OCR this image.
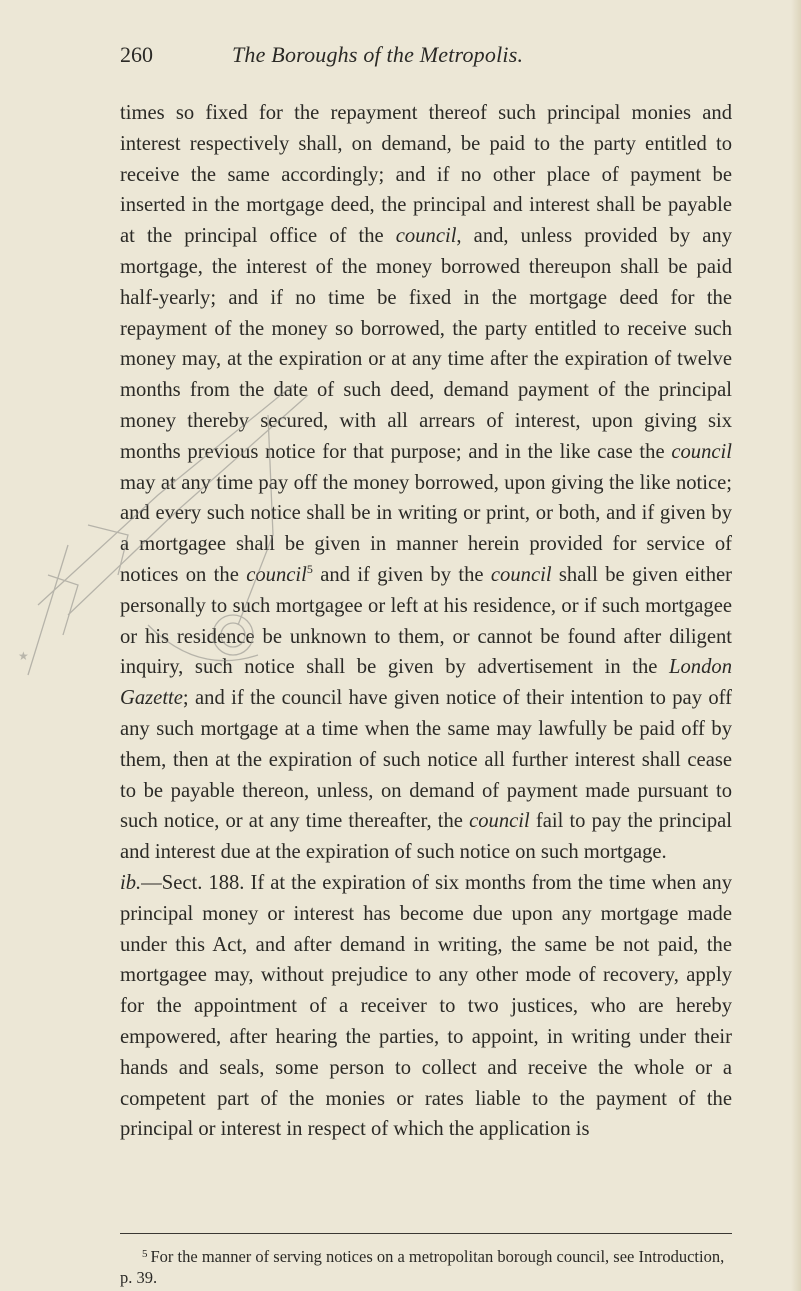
260	The Boroughs of the Metropolis.

times so fixed for the repayment thereof such principal monies and interest respectively shall, on demand, be paid to the party entitled to receive the same accordingly; and if no other place of payment be inserted in the mortgage deed, the principal and interest shall be payable at the principal office of the council, and, unless provided by any mortgage, the interest of the money borrowed thereupon shall be paid half-yearly; and if no time be fixed in the mortgage deed for the repayment of the money so borrowed, the party entitled to receive such money may, at the expiration or at any time after the expiration of twelve months from the date of such deed, demand payment of the principal money thereby secured, with all arrears of interest, upon giving six months previous notice for that purpose; and in the like case the council may at any time pay off the money borrowed, upon giving the like notice; and every such notice shall be in writing or print, or both, and if given by a mortgagee shall be given in manner herein provided for service of notices on the council$^5$ and if given by the council shall be given either personally to such mortgagee or left at his residence, or if such mortgagee or his residence be unknown to them, or cannot be found after diligent inquiry, such notice shall be given by advertisement in the London Gazette; and if the council have given notice of their intention to pay off any such mortgage at a time when the same may lawfully be paid off by them, then at the expiration of such notice all further interest shall cease to be payable thereon, unless, on demand of payment made pursuant to such notice, or at any time thereafter, the council fail to pay the principal and interest due at the expiration of such notice on such mortgage.

ib.—Sect. 188. If at the expiration of six months from the time when any principal money or interest has become due upon any mortgage made under this Act, and after demand in writing, the same be not paid, the mortgagee may, without prejudice to any other mode of recovery, apply for the appointment of a receiver to two justices, who are hereby empowered, after hearing the parties, to appoint, in writing under their hands and seals, some person to collect and receive the whole or a competent part of the monies or rates liable to the payment of the principal or interest in respect of which the application is

$^5$ For the manner of serving notices on a metropolitan borough council, see Introduction, p. 39.
★
